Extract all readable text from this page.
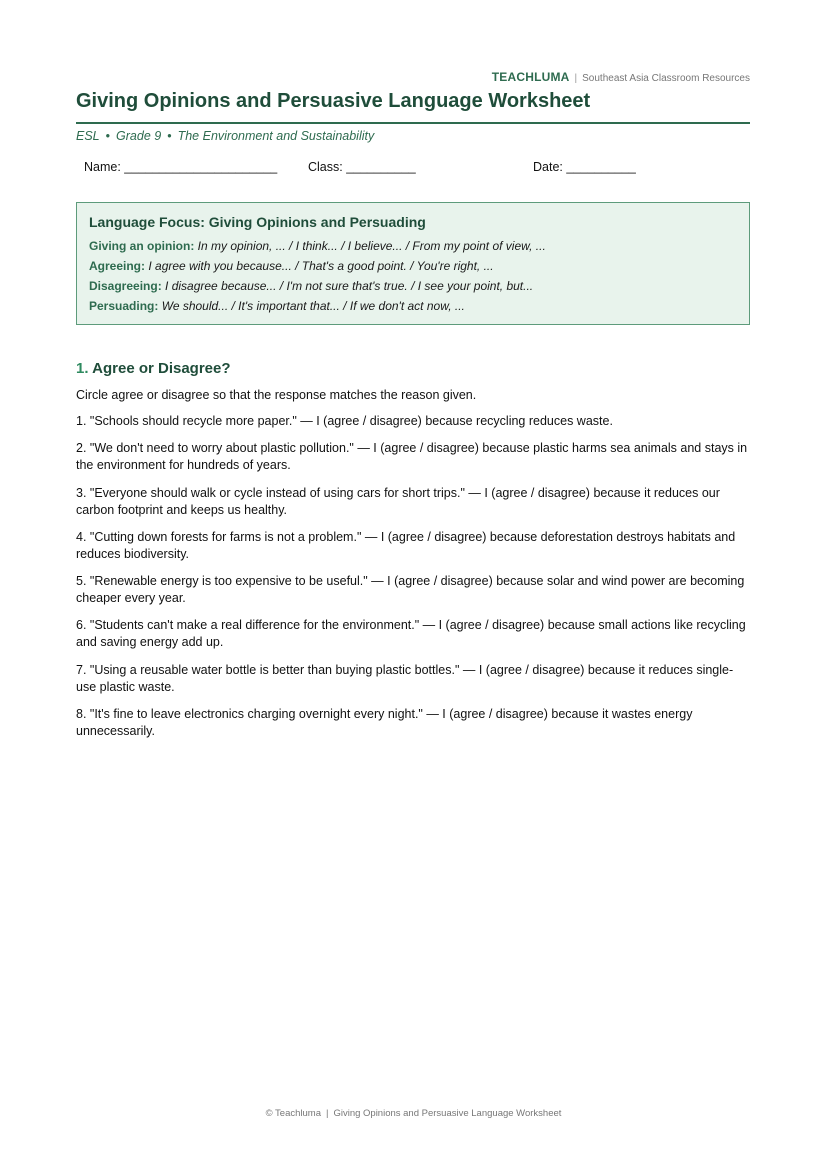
TEACHLUMA | Southeast Asia Classroom Resources
Giving Opinions and Persuasive Language Worksheet
ESL • Grade 9 • The Environment and Sustainability
Name: ______________________ Class: __________	Date: __________
Language Focus: Giving Opinions and Persuading
Giving an opinion: In my opinion, ... / I think... / I believe... / From my point of view, ...
Agreeing: I agree with you because... / That's a good point. / You're right, ...
Disagreeing: I disagree because... / I'm not sure that's true. / I see your point, but...
Persuading: We should... / It's important that... / If we don't act now, ...
1. Agree or Disagree?
Circle agree or disagree so that the response matches the reason given.
1. "Schools should recycle more paper." — I (agree / disagree) because recycling reduces waste.
2. "We don't need to worry about plastic pollution." — I (agree / disagree) because plastic harms sea animals and stays in the environment for hundreds of years.
3. "Everyone should walk or cycle instead of using cars for short trips." — I (agree / disagree) because it reduces our carbon footprint and keeps us healthy.
4. "Cutting down forests for farms is not a problem." — I (agree / disagree) because deforestation destroys habitats and reduces biodiversity.
5. "Renewable energy is too expensive to be useful." — I (agree / disagree) because solar and wind power are becoming cheaper every year.
6. "Students can't make a real difference for the environment." — I (agree / disagree) because small actions like recycling and saving energy add up.
7. "Using a reusable water bottle is better than buying plastic bottles." — I (agree / disagree) because it reduces single-use plastic waste.
8. "It's fine to leave electronics charging overnight every night." — I (agree / disagree) because it wastes energy unnecessarily.
© Teachluma | Giving Opinions and Persuasive Language Worksheet
